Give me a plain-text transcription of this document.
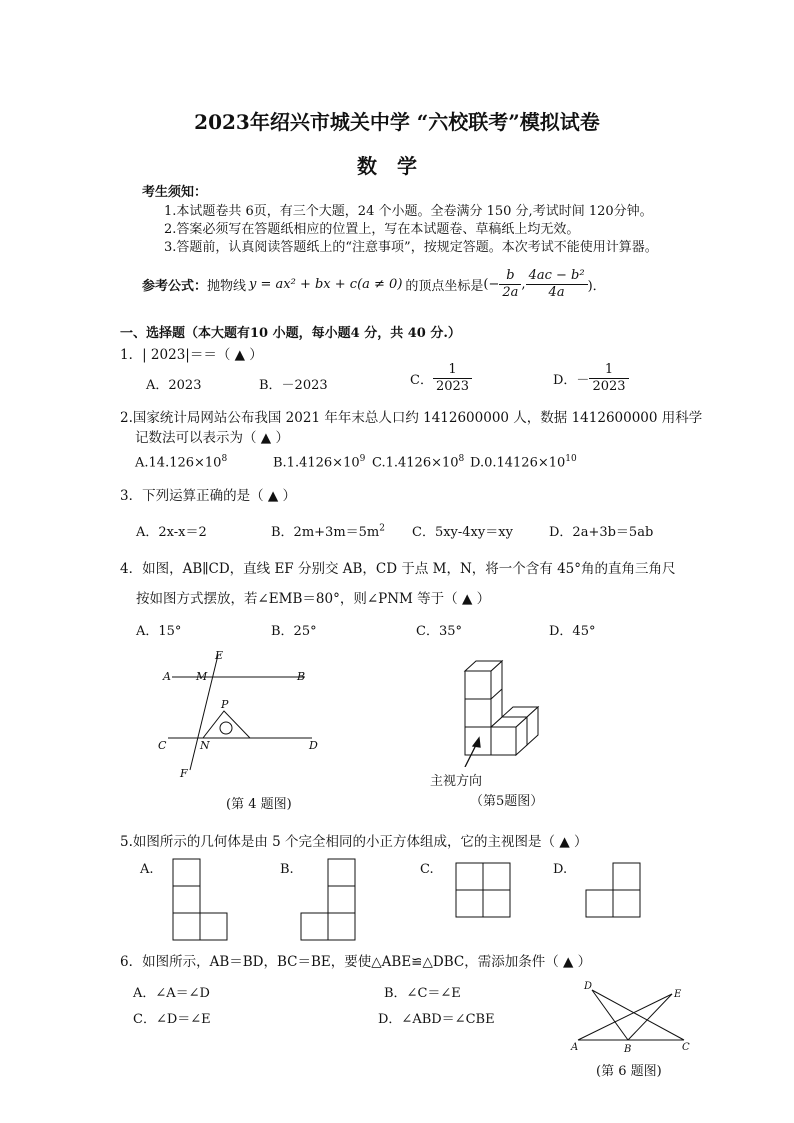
2023年绍兴市城关中学 “六校联考”模拟试卷
数学
考生须知：
1.本试题卷共 6页，有三个大题，24 个小题。全卷满分 150 分,考试时间 120分钟。
2.答案必须写在答题纸相应的位置上，写在本试题卷、草稿纸上均无效。
3.答题前，认真阅读答题纸上的“注意事项”，按规定答题。本次考试不能使用计算器。
参考公式： 抛物线 y = ax² + bx + c(a ≠ 0) 的顶点坐标是 (− $\frac{b}{2a}$ , $\frac{\text{4ac − b²}}{4a}$ )．
一、选择题（本大题有10 小题，每小题4 分，共 40 分.）
1．| 2023|＝＝（ ▲ ）
A．2023	B．－2023	C． $\frac{1}{2023}$	D．－ $\frac{1}{2023}$
2.国家统计局网站公布我国 2021 年年末总人口约 1412600000 人，数据 1412600000 用科学
记数法可以表示为（ ▲ ）
$A.14.126\times 10^8$	$B.1.4126\times 10^9$ $C.1.4126\times 10^8$ $D.0.14126\times 10^{10}$
3．下列运算正确的是（ ▲ ）
A．2x-x＝2	B．$2m+3m=5m^2$ C．5xy-4xy＝xy	D．2a+3b＝5ab
4．如图，AB∥CD，直线 EF 分别交 AB，CD 于点 M，N，将一个含有 45°角的直角三角尺
按如图方式摆放，若∠EMB＝80°，则∠PNM 等于（ ▲ ）
A．15°	B．25°	C．35°	D．45°
A M
E
B
P
C	N	D
F
(第 4 题图)
主视方向
（第5题图）
5.如图所示的几何体是由 5 个完全相同的小正方体组成，它的主视图是（ ▲ ）
A.	B.	C.	D.
6．如图所示，AB＝BD，BC＝BE，要使△ABE≌△DBC，需添加条件（ ▲ ）
A．∠A＝∠D	B．∠C＝∠E
C．∠D＝∠E	D．∠ABD＝∠CBE
D
E
A	B	C
(第 6 题图)
